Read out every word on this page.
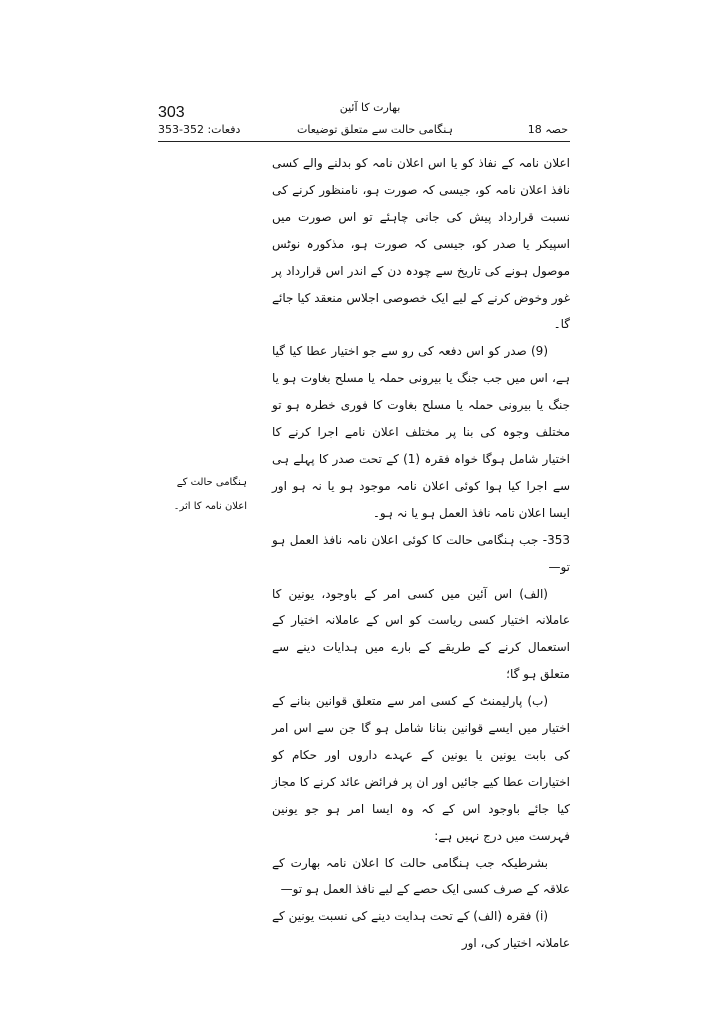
303	بھارت کا آئین
ہنگامی حالت سے متعلق توضیعات
دفعات: 352-353	حصہ 18

اعلان نامہ کے نفاذ کو یا اس اعلان نامہ کو بدلنے والے کسی نافذ اعلان نامہ کو، جیسی کہ صورت ہو، نامنظور کرنے کی نسبت قرارداد پیش کی جانی چاہئے تو اس صورت میں اسپیکر یا صدر کو، جیسی کہ صورت ہو، مذکورہ نوٹس موصول ہونے کی تاریخ سے چودہ دن کے اندر اس قرارداد پر غور وخوض کرنے کے لیے ایک خصوصی اجلاس منعقد کیا جائے گا۔

(9) صدر کو اس دفعہ کی رو سے جو اختیار عطا کیا گیا ہے، اس میں جب جنگ یا بیرونی حملہ یا مسلح بغاوت ہو یا جنگ یا بیرونی حملہ یا مسلح بغاوت کا فوری خطرہ ہو تو مختلف وجوہ کی بنا پر مختلف اعلان نامے اجرا کرنے کا اختیار شامل ہوگا خواہ فقرہ (1) کے تحت صدر کا پہلے ہی سے اجرا کیا ہوا کوئی اعلان نامہ موجود ہو یا نہ ہو اور ایسا اعلان نامہ نافذ العمل ہو یا نہ ہو۔

353- جب ہنگامی حالت کا کوئی اعلان نامہ نافذ العمل ہو تو—

(الف) اس آئین میں کسی امر کے باوجود، یونین کا عاملانہ اختیار کسی ریاست کو اس کے عاملانہ اختیار کے استعمال کرنے کے طریقے کے بارے میں ہدایات دینے سے متعلق ہو گا؛

(ب) پارلیمنٹ کے کسی امر سے متعلق قوانین بنانے کے اختیار میں ایسے قوانین بنانا شامل ہو گا جن سے اس امر کی بابت یونین یا یونین کے عہدے داروں اور حکام کو اختیارات عطا کیے جائیں اور ان پر فرائض عائد کرنے کا مجاز کیا جائے باوجود اس کے کہ وہ ایسا امر ہو جو یونین فہرست میں درج نہیں ہے:

بشرطیکہ جب ہنگامی حالت کا اعلان نامہ بھارت کے علاقہ کے صرف کسی ایک حصے کے لیے نافذ العمل ہو تو—

(i) فقرہ (الف) کے تحت ہدایت دینے کی نسبت یونین کے عاملانہ اختیار کی، اور

ہنگامی حالت کے
اعلان نامہ کا اثر۔
